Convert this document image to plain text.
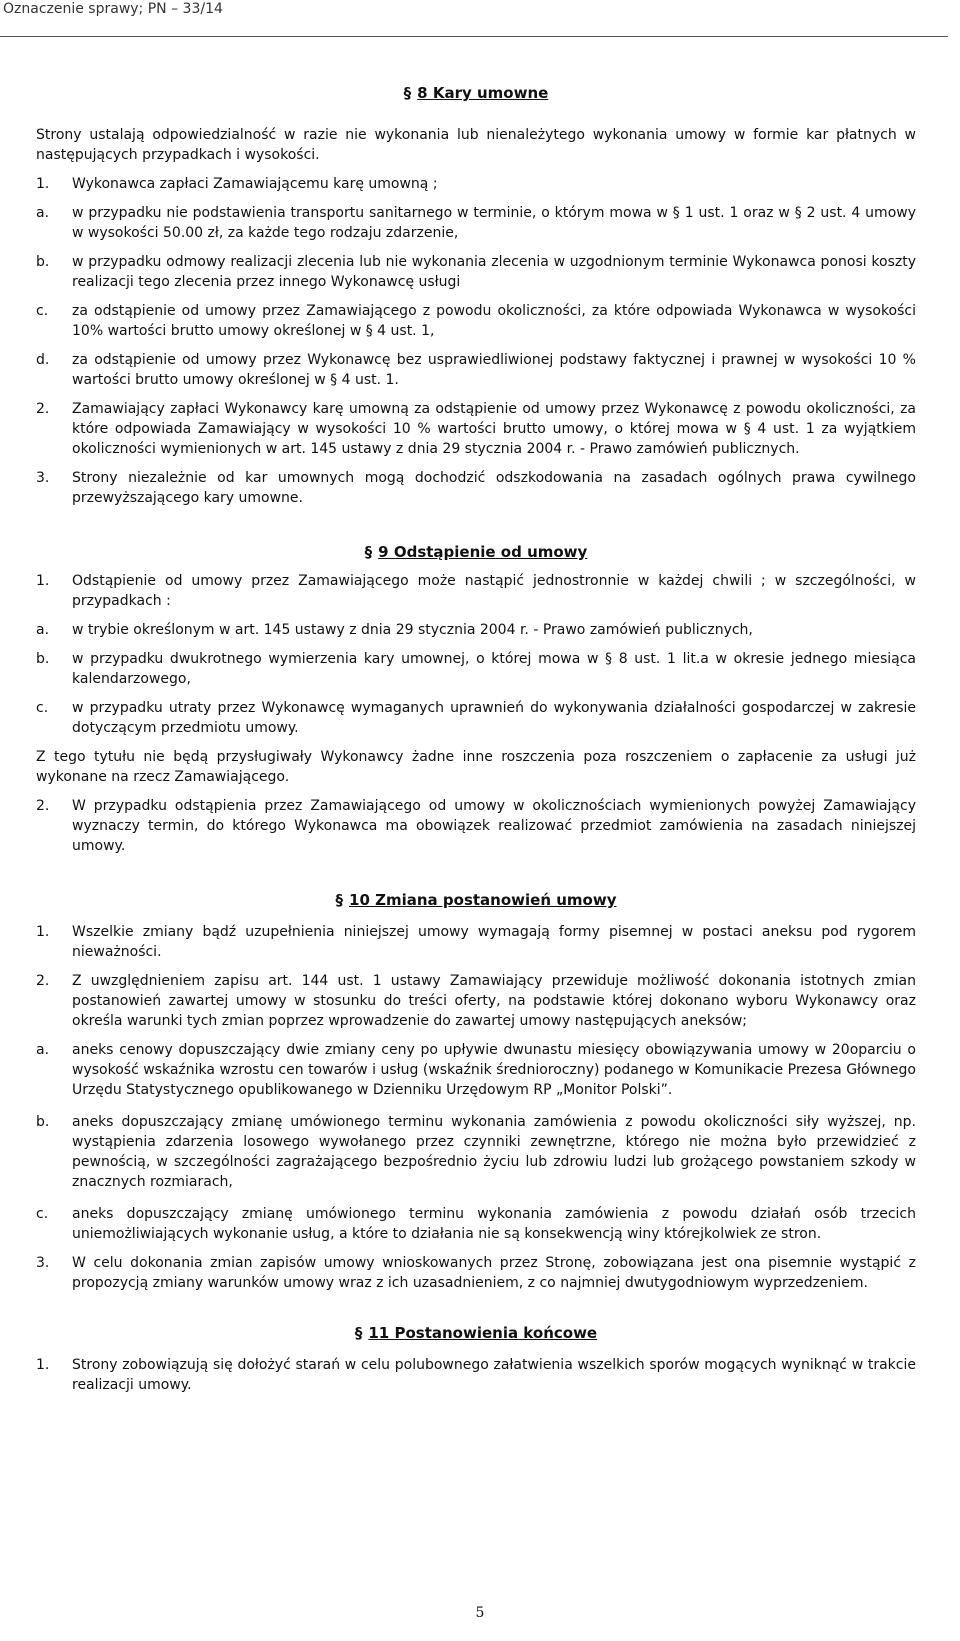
Oznaczenie sprawy; PN – 33/14
§ 8 Kary umowne

Strony ustalają odpowiedzialność w razie nie wykonania lub nienależytego wykonania umowy w formie kar płatnych w następujących przypadkach i wysokości.

1.	Wykonawca zapłaci Zamawiającemu karę umowną ;
a.	w przypadku nie podstawienia transportu sanitarnego w terminie, o którym mowa w § 1 ust. 1 oraz w § 2 ust. 4 umowy w wysokości 50.00 zł, za każde tego rodzaju zdarzenie,
b.	w przypadku odmowy realizacji zlecenia lub nie wykonania zlecenia w uzgodnionym terminie Wykonawca ponosi koszty realizacji tego zlecenia przez innego Wykonawcę usługi
c.	za odstąpienie od umowy przez Zamawiającego z powodu okoliczności, za które odpowiada Wykonawca w wysokości 10% wartości brutto umowy określonej w § 4 ust. 1,
d.	za odstąpienie od umowy przez Wykonawcę bez usprawiedliwionej podstawy faktycznej i prawnej w wysokości 10 % wartości brutto umowy określonej w § 4 ust. 1.
2.	Zamawiający zapłaci Wykonawcy karę umowną za odstąpienie od umowy przez Wykonawcę z powodu okoliczności, za które odpowiada Zamawiający w wysokości 10 % wartości brutto umowy, o której mowa w § 4 ust. 1 za wyjątkiem okoliczności wymienionych w art. 145 ustawy z dnia 29 stycznia 2004 r. - Prawo zamówień publicznych.
3.	Strony niezależnie od kar umownych mogą dochodzić odszkodowania na zasadach ogólnych prawa cywilnego przewyższającego kary umowne.
§ 9 Odstąpienie od umowy
1.	Odstąpienie od umowy przez Zamawiającego może nastąpić jednostronnie w każdej chwili ; w szczególności, w przypadkach :
a.	w trybie określonym w art. 145 ustawy z dnia 29 stycznia 2004 r. - Prawo zamówień publicznych,
b.	w przypadku dwukrotnego wymierzenia kary umownej, o której mowa w § 8 ust. 1 lit.a w okresie jednego miesiąca kalendarzowego,
c.	w przypadku utraty przez Wykonawcę wymaganych uprawnień do wykonywania działalności gospodarczej w zakresie dotyczącym przedmiotu umowy.

Z tego tytułu nie będą przysługiwały Wykonawcy żadne inne roszczenia poza roszczeniem o zapłacenie za usługi już wykonane na rzecz Zamawiającego.

2.	W przypadku odstąpienia przez Zamawiającego od umowy w okolicznościach wymienionych powyżej Zamawiający wyznaczy termin, do którego Wykonawca ma obowiązek realizować przedmiot zamówienia na zasadach niniejszej umowy.
§ 10 Zmiana postanowień umowy
1.	Wszelkie zmiany bądź uzupełnienia niniejszej umowy wymagają formy pisemnej w postaci aneksu pod rygorem nieważności.
2.	Z uwzględnieniem zapisu art. 144 ust. 1 ustawy Zamawiający przewiduje możliwość dokonania istotnych zmian postanowień zawartej umowy w stosunku do treści oferty, na podstawie której dokonano wyboru Wykonawcy oraz określa warunki tych zmian poprzez wprowadzenie do zawartej umowy następujących aneksów;
a.	aneks cenowy dopuszczający dwie zmiany ceny po upływie dwunastu miesięcy obowiązywania umowy w 20oparciu o wysokość wskaźnika wzrostu cen towarów i usług (wskaźnik średnioroczny) podanego w Komunikacie Prezesa Głównego Urzędu Statystycznego opublikowanego w Dzienniku Urzędowym RP „Monitor Polski”.
b.	aneks dopuszczający zmianę umówionego terminu wykonania zamówienia z powodu okoliczności siły wyższej, np. wystąpienia zdarzenia losowego wywołanego przez czynniki zewnętrzne, którego nie można było przewidzieć z pewnością, w szczególności zagrażającego bezpośrednio życiu lub zdrowiu ludzi lub grożącego powstaniem szkody w znacznych rozmiarach,
c.	aneks dopuszczający zmianę umówionego terminu wykonania zamówienia z powodu działań osób trzecich uniemożliwiających wykonanie usług, a które to działania nie są konsekwencją winy którejkolwiek ze stron.
3.	W celu dokonania zmian zapisów umowy wnioskowanych przez Stronę, zobowiązana jest ona pisemnie wystąpić z propozycją zmiany warunków umowy wraz z ich uzasadnieniem, z co najmniej dwutygodniowym wyprzedzeniem.
§ 11 Postanowienia końcowe
1.	Strony zobowiązują się dołożyć starań w celu polubownego załatwienia wszelkich sporów mogących wyniknąć w trakcie realizacji umowy.
5
